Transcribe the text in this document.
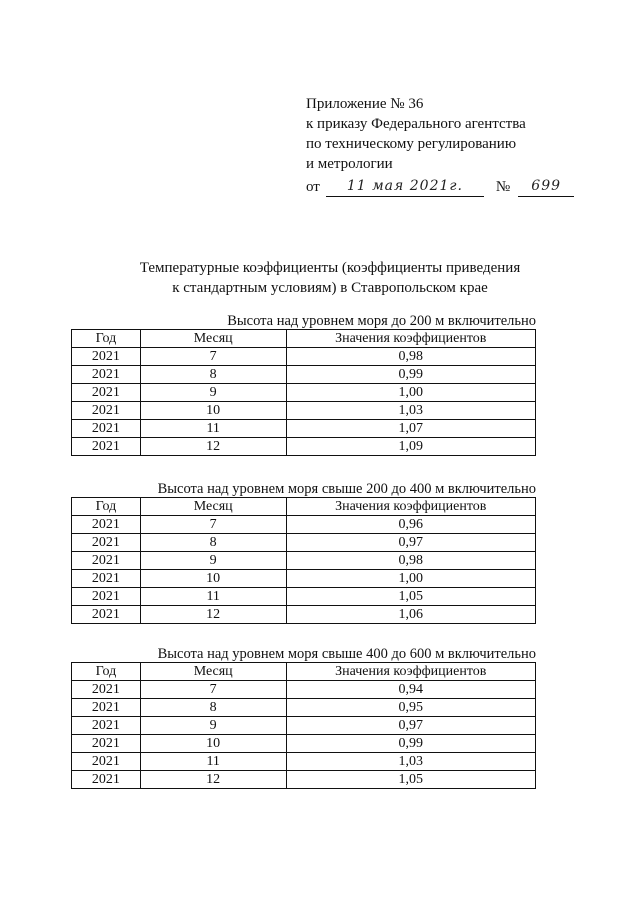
Приложение № 36
к приказу Федерального агентства
по техническому регулированию
и метрологии
от	11 мая 2021г.	№	699
Температурные коэффициенты (коэффициенты приведения
к стандартным условиям) в Ставропольском крае
Высота над уровнем моря до 200 м включительно
Год	Месяц	Значения коэффициентов
2021	7	0,98
2021	8	0,99
2021	9	1,00
2021	10	1,03
2021	11	1,07
2021	12	1,09
Высота над уровнем моря свыше 200 до 400 м включительно
Год	Месяц	Значения коэффициентов
2021	7	0,96
2021	8	0,97
2021	9	0,98
2021	10	1,00
2021	11	1,05
2021	12	1,06
Высота над уровнем моря свыше 400 до 600 м включительно
Год	Месяц	Значения коэффициентов
2021	7	0,94
2021	8	0,95
2021	9	0,97
2021	10	0,99
2021	11	1,03
2021	12	1,05
